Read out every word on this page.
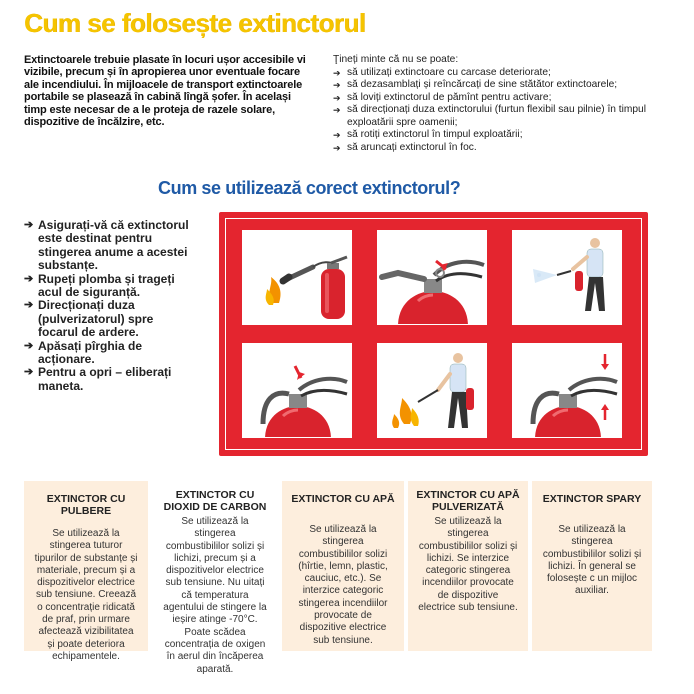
Cum se folosește extinctorul
Extinctoarele trebuie plasate în locuri ușor accesibile vi vizibile, precum și în apropierea unor eventuale focare ale incendiului. În mijloacele de transport extinctoarele portabile se plasează în cabină lîngă șofer. În același timp este necesar de a le proteja de razele solare, dispozitive de încălzire, etc.
Ţineți minte că nu se poate:
➔ să utilizați extinctoare cu carcase deteriorate;
➔ să dezasamblați și reîncărcați de sine stătător extinctoarele;
➔ să loviți extinctorul de pămînt pentru activare;
➔ să direcționați duza extinctorului (furtun flexibil sau pilnie) în timpul exploatării spre oamenii;
➔ să rotiți extinctorul în timpul exploatării;
➔ să aruncați extinctorul în foc.
Cum se utilizează corect extinctorul?
➔ Asigurați-vă că extinctorul este destinat pentru stingerea anume a acestei substanțe.
➔ Rupeți plomba și trageți acul de siguranță.
➔ Direcționați duza (pulverizatorul) spre focarul de ardere.
➔ Apăsați pîrghia de acționare.
➔ Pentru a opri – eliberați maneta.
EXTINCTOR CU PULBERE
Se utilizează la stingerea tuturor tipurilor de substanțe și materiale, precum și a dispozitivelor electrice sub tensiune. Creează o concentrație ridicată de praf, prin urmare afectează vizibilitatea și poate deteriora echipamentele.
EXTINCTOR CU DIOXID DE CARBON
Se utilizează la stingerea combustibililor solizi și lichizi, precum și a dispozitivelor electrice sub tensiune. Nu uitați că temperatura agentului de stingere la ieșire atinge -70°C. Poate scădea concentrația de oxigen în aerul din încăperea aparată.
EXTINCTOR CU APĂ
Se utilizează la stingerea combustibililor solizi (hîrtie, lemn, plastic, cauciuc, etc.). Se interzice categoric stingerea incendiilor provocate de dispozitive electrice sub tensiune.
EXTINCTOR CU APĂ PULVERIZATĂ
Se utilizează la stingerea combustibililor solizi și lichizi. Se interzice categoric stingerea incendiilor provocate de dispozitive electrice sub tensiune.
EXTINCTOR SPARY
Se utilizează la stingerea combustibililor solizi și lichizi. În general se folosește c un mijloc auxiliar.
